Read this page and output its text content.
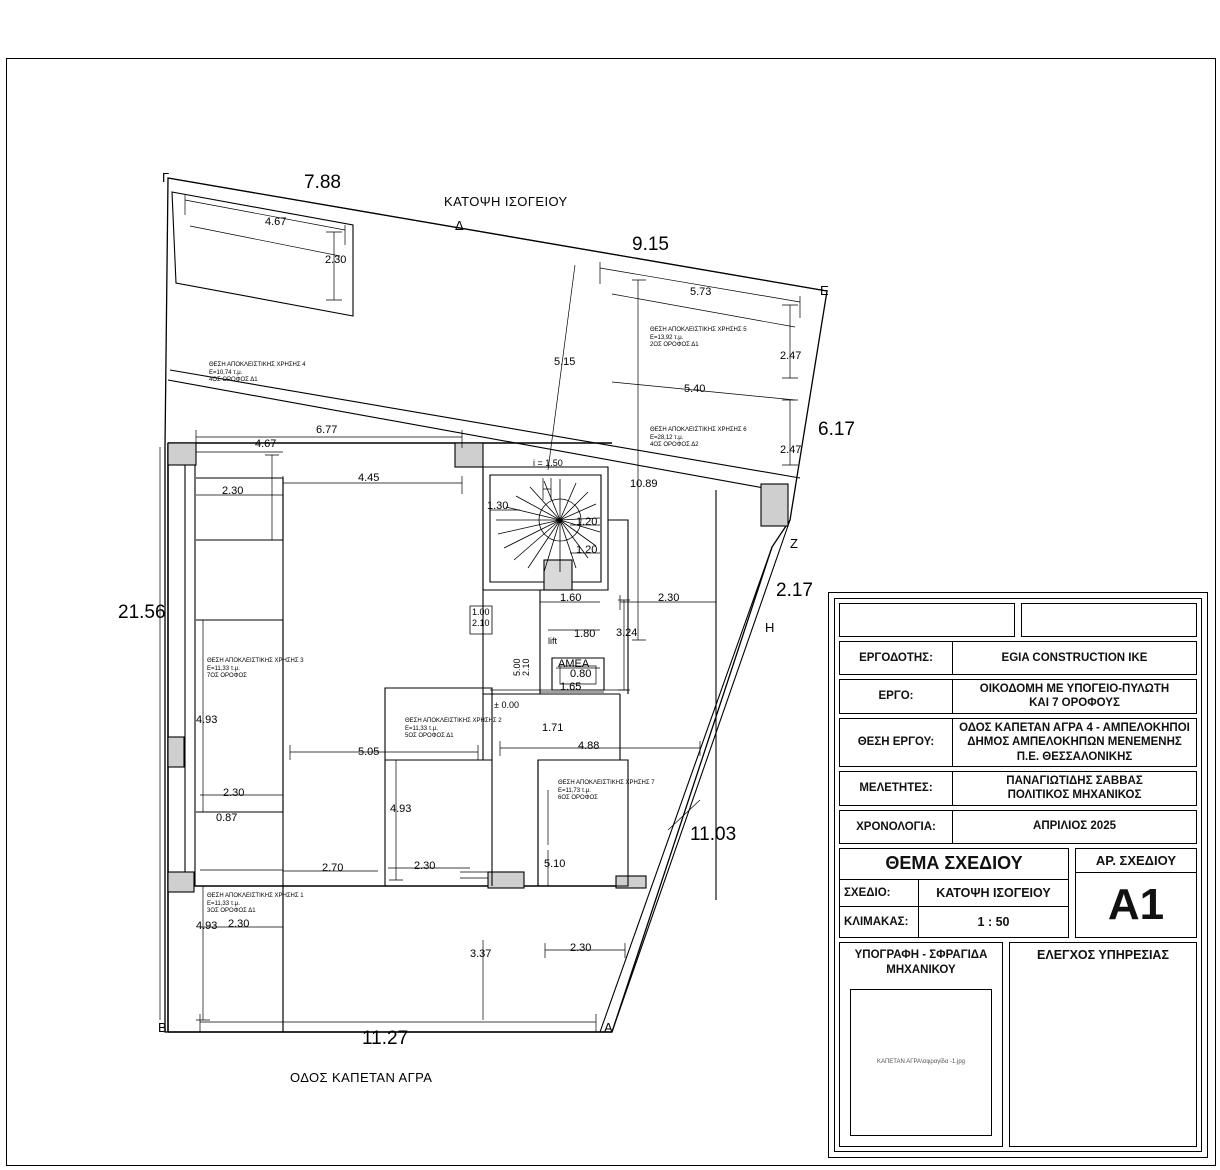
Γ
Δ
Ε
Ζ
Η
Α
Β
ΚΑΤΟΨΗ ΙΣΟΓΕΙΟΥ
ΟΔΟΣ ΚΑΠΕΤΑΝ ΑΓΡΑ
7.88
9.15
6.17
2.17
11.03
21.56
11.27
4.67
2.30
5.73
2.47
5.40
2.47
5.15
6.77
4.67
2.30
4.45	10.89
1.30
1.20
1.20
1.60	2.30
1.80 3.24
0.80
1.65
4.93
5.05
1.71
4.88
2.30
4.93
0.87
2.70	2.30	5.10
4.93 2.30
3.37	2.30
1.00
2.10
5.00 2.10
lift
ΑΜΕΑ
i = 1.50
± 0.00
ΘΕΣΗ ΑΠΟΚΛΕΙΣΤΙΚΗΣ ΧΡΗΣΗΣ 4
Ε=10,74 τ.μ.
4ΟΣ ΟΡΟΦΟΣ Δ1
ΘΕΣΗ ΑΠΟΚΛΕΙΣΤΙΚΗΣ ΧΡΗΣΗΣ 5
Ε=13,92 τ.μ.
2ΟΣ ΟΡΟΦΟΣ Δ1
ΘΕΣΗ ΑΠΟΚΛΕΙΣΤΙΚΗΣ ΧΡΗΣΗΣ 6
Ε=28,12 τ.μ.
4ΟΣ ΟΡΟΦΟΣ Δ2
ΘΕΣΗ ΑΠΟΚΛΕΙΣΤΙΚΗΣ ΧΡΗΣΗΣ 3
Ε=11,33 τ.μ.
7ΟΣ ΟΡΟΦΟΣ
ΘΕΣΗ ΑΠΟΚΛΕΙΣΤΙΚΗΣ ΧΡΗΣΗΣ 2
Ε=11,33 τ.μ.
5ΟΣ ΟΡΟΦΟΣ Δ1
ΘΕΣΗ ΑΠΟΚΛΕΙΣΤΙΚΗΣ ΧΡΗΣΗΣ 7
Ε=11,73 τ.μ.
6ΟΣ ΟΡΟΦΟΣ
ΘΕΣΗ ΑΠΟΚΛΕΙΣΤΙΚΗΣ ΧΡΗΣΗΣ 1
Ε=11,33 τ.μ.
3ΟΣ ΟΡΟΦΟΣ Δ1
ΕΡΓΟΔΟΤΗΣ:	EGIA CONSTRUCTION IKE
ΕΡΓΟ:
ΟΙΚΟΔΟΜΗ ΜΕ ΥΠΟΓΕΙΟ-ΠΥΛΩΤΗ
ΚΑΙ 7 ΟΡΟΦΟΥΣ
ΘΕΣΗ ΕΡΓΟΥ:
ΟΔΟΣ ΚΑΠΕΤΑΝ ΑΓΡΑ 4 - ΑΜΠΕΛΟΚΗΠΟΙ
ΔΗΜΟΣ ΑΜΠΕΛΟΚΗΠΩΝ ΜΕΝΕΜΕΝΗΣ
Π.Ε. ΘΕΣΣΑΛΟΝΙΚΗΣ
ΜΕΛΕΤΗΤΕΣ:
ΠΑΝΑΓΙΩΤΙΔΗΣ ΣΑΒΒΑΣ
ΠΟΛΙΤΙΚΟΣ ΜΗΧΑΝΙΚΟΣ
ΧΡΟΝΟΛΟΓΙΑ:	ΑΠΡΙΛΙΟΣ 2025
ΘΕΜΑ ΣΧΕΔΙΟΥ
ΣΧΕΔΙΟ:	ΚΑΤΟΨΗ ΙΣΟΓΕΙΟΥ
ΚΛΙΜΑΚΑΣ:	1 : 50
ΑΡ. ΣΧΕΔΙΟΥ
A1
ΥΠΟΓΡΑΦΗ - ΣΦΡΑΓΙΔΑ
ΜΗΧΑΝΙΚΟΥ
ΚΑΠΕΤΑΝ ΑΓΡΑ\σφραγίδα -1.jpg
ΕΛΕΓΧΟΣ ΥΠΗΡΕΣΙΑΣ
